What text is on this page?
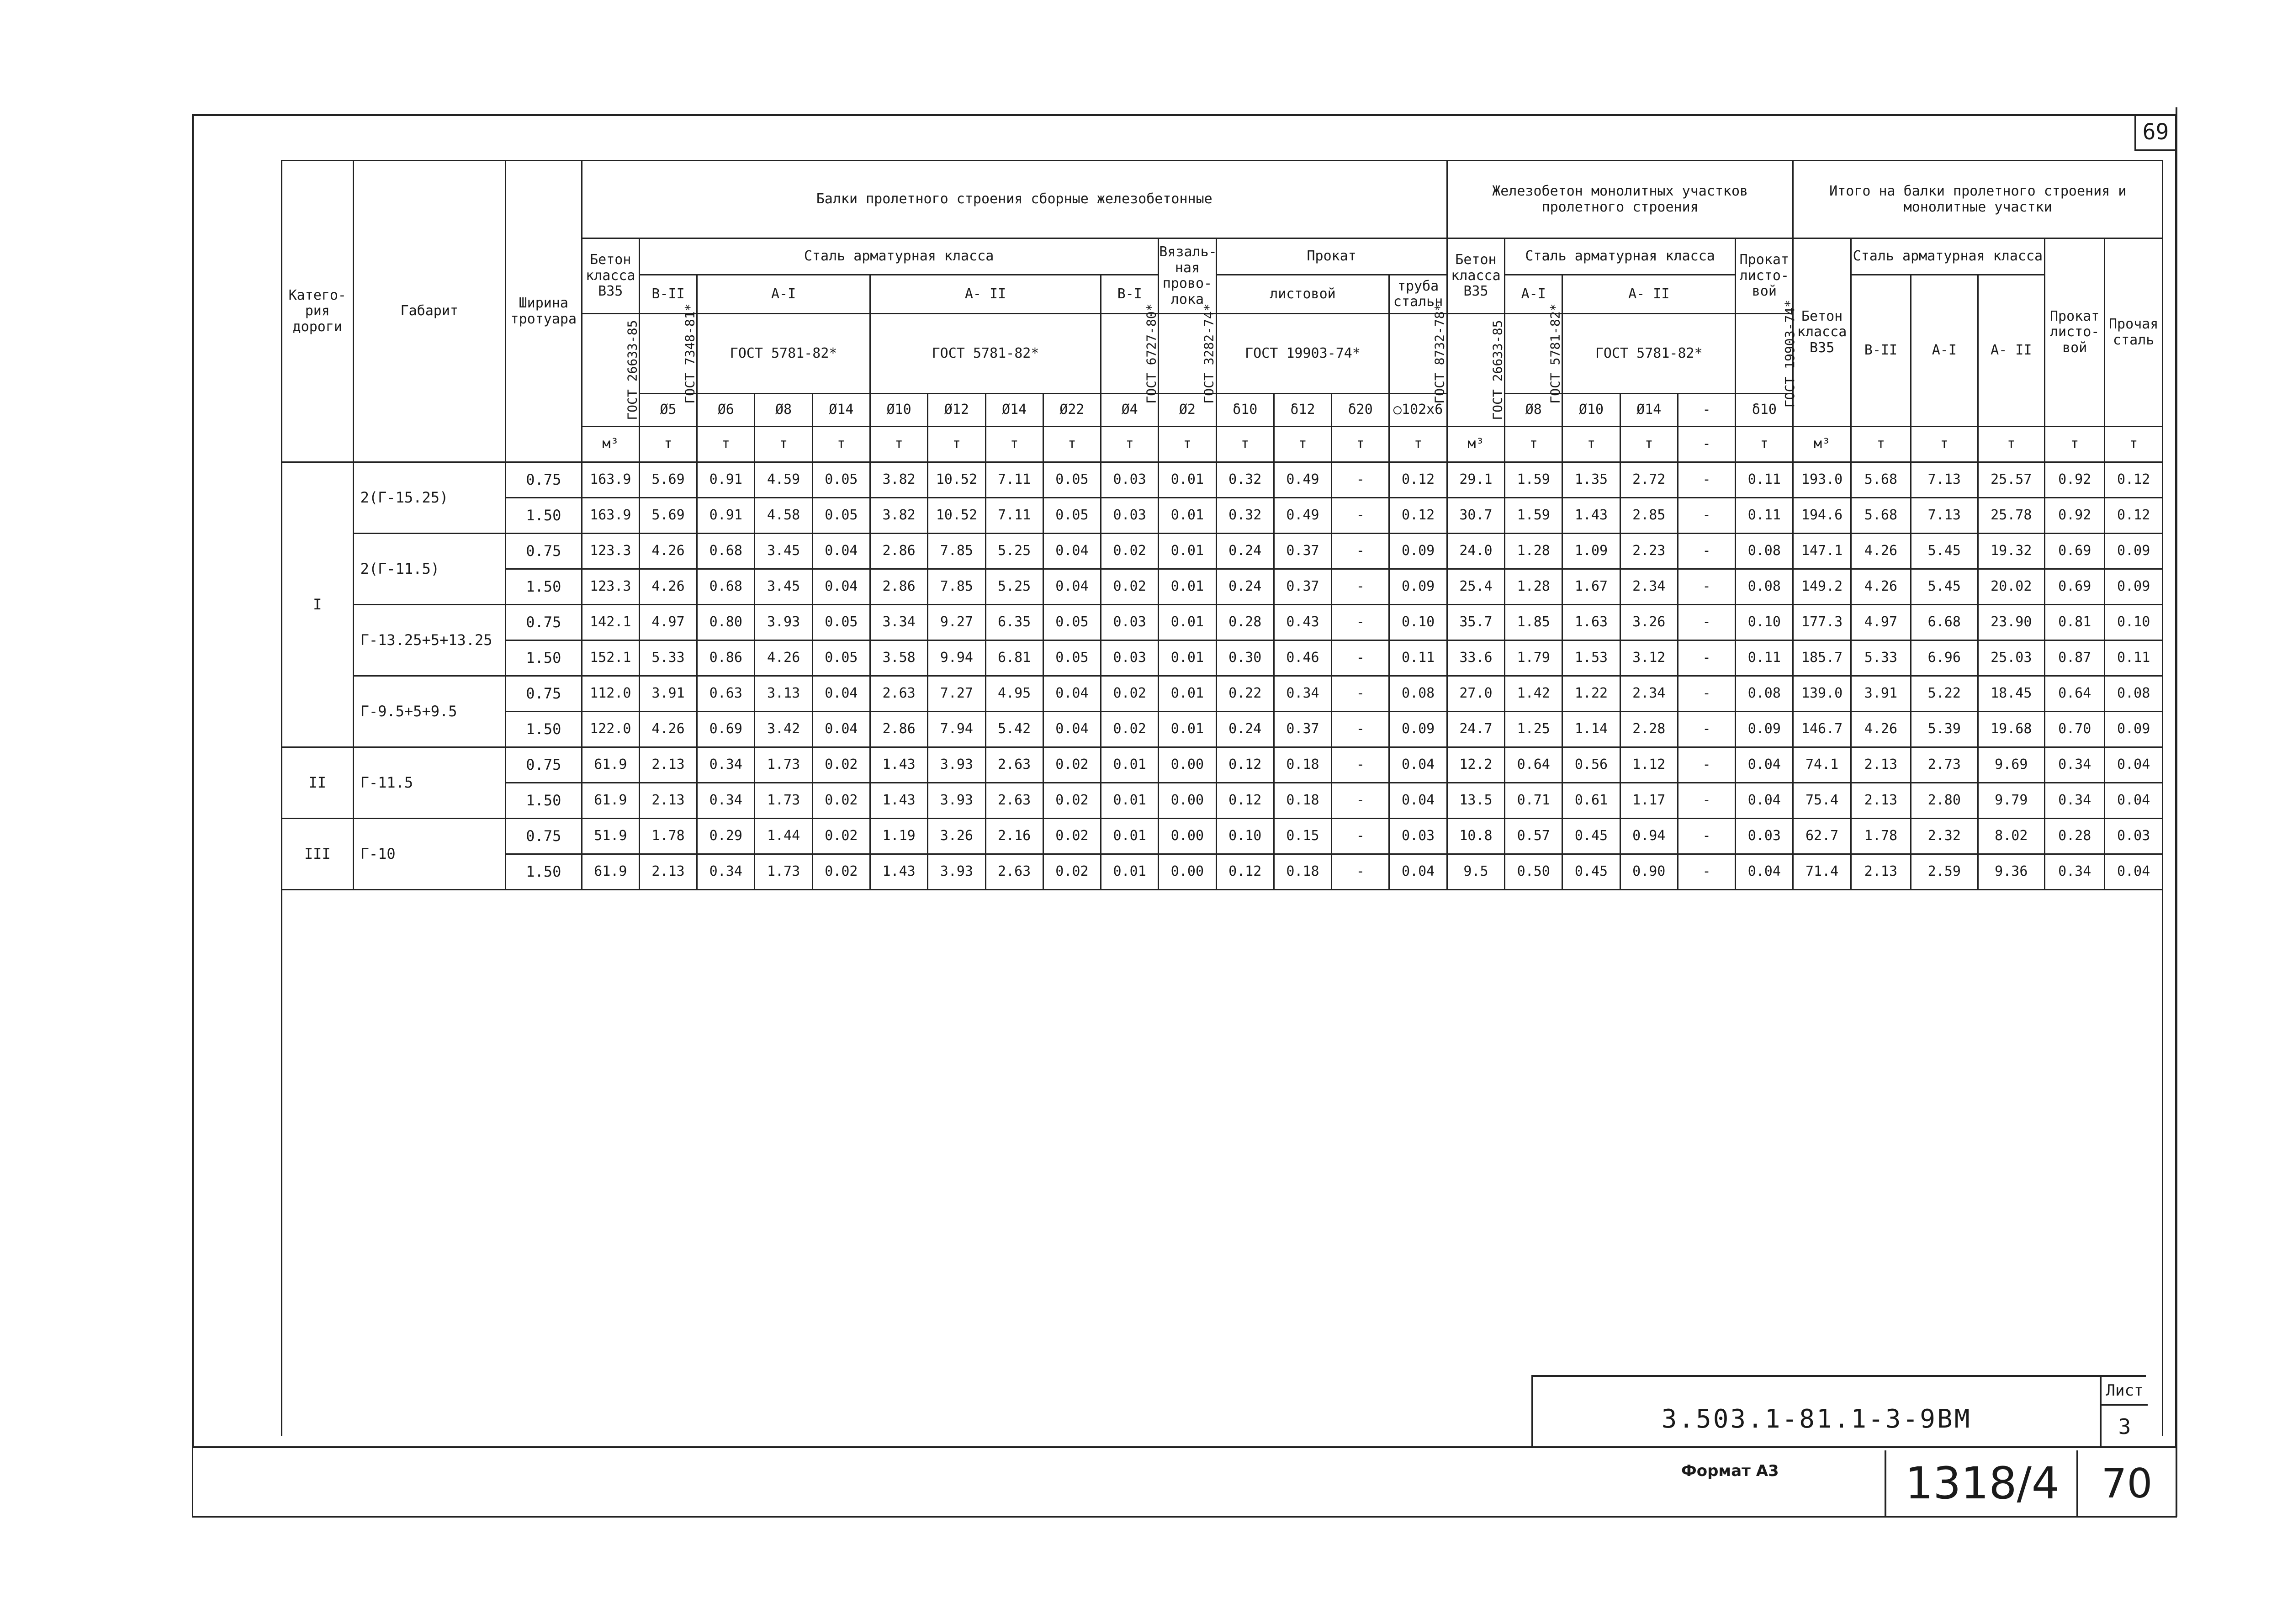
69
Катего-рия дороги	Габарит	Ширина тротуара	Балки пролетного строения сборные железобетонные															Железобетон монолитных участков пролетного строения						Итого на балки пролетного строения и монолитные участки					
			Бетон класса В35	Сталь арматурная класса									Вязаль-ная прово-лока	Прокат				Бетон класса В35	Сталь арматурная класса				Прокат листо-вой	Бетон класса В35	Сталь арматурная класса			Прокат листо-вой	Прочая сталь
				В-II	А-I			А- II				В-I		листовой			труба стальн		А-I	А- II					В-II	А-I	А- II		
			ГОСТ 26633-85	ГОСТ 7348-81*	ГОСТ 5781-82*			ГОСТ 5781-82*				ГОСТ 6727-80*	ГОСТ 3282-74*	ГОСТ 19903-74*			ГОСТ 8732-78*	ГОСТ 26633-85	ГОСТ 5781-82*	ГОСТ 5781-82*			ГОСТ 19903-74*						
				Ø5	Ø6	Ø8	Ø14	Ø10	Ø12	Ø14	Ø22	Ø4	Ø2	δ10	δ12	δ20	○102x6		Ø8	Ø10	Ø14	-	δ10						
			м³	т	т	т	т	т	т	т	т	т	т	т	т	т	т	м³	т	т	т	-	т	м³	т	т	т	т	т
I	2(Г-15.25)	0.75	163.9	5.69	0.91	4.59	0.05	3.82	10.52	7.11	0.05	0.03	0.01	0.32	0.49	-	0.12	29.1	1.59	1.35	2.72	-	0.11	193.0	5.68	7.13	25.57	0.92	0.12
		1.50	163.9	5.69	0.91	4.58	0.05	3.82	10.52	7.11	0.05	0.03	0.01	0.32	0.49	-	0.12	30.7	1.59	1.43	2.85	-	0.11	194.6	5.68	7.13	25.78	0.92	0.12
	2(Г-11.5)	0.75	123.3	4.26	0.68	3.45	0.04	2.86	7.85	5.25	0.04	0.02	0.01	0.24	0.37	-	0.09	24.0	1.28	1.09	2.23	-	0.08	147.1	4.26	5.45	19.32	0.69	0.09
		1.50	123.3	4.26	0.68	3.45	0.04	2.86	7.85	5.25	0.04	0.02	0.01	0.24	0.37	-	0.09	25.4	1.28	1.67	2.34	-	0.08	149.2	4.26	5.45	20.02	0.69	0.09
	Г-13.25+5+13.25	0.75	142.1	4.97	0.80	3.93	0.05	3.34	9.27	6.35	0.05	0.03	0.01	0.28	0.43	-	0.10	35.7	1.85	1.63	3.26	-	0.10	177.3	4.97	6.68	23.90	0.81	0.10
		1.50	152.1	5.33	0.86	4.26	0.05	3.58	9.94	6.81	0.05	0.03	0.01	0.30	0.46	-	0.11	33.6	1.79	1.53	3.12	-	0.11	185.7	5.33	6.96	25.03	0.87	0.11
	Г-9.5+5+9.5	0.75	112.0	3.91	0.63	3.13	0.04	2.63	7.27	4.95	0.04	0.02	0.01	0.22	0.34	-	0.08	27.0	1.42	1.22	2.34	-	0.08	139.0	3.91	5.22	18.45	0.64	0.08
		1.50	122.0	4.26	0.69	3.42	0.04	2.86	7.94	5.42	0.04	0.02	0.01	0.24	0.37	-	0.09	24.7	1.25	1.14	2.28	-	0.09	146.7	4.26	5.39	19.68	0.70	0.09
II	Г-11.5	0.75	61.9	2.13	0.34	1.73	0.02	1.43	3.93	2.63	0.02	0.01	0.00	0.12	0.18	-	0.04	12.2	0.64	0.56	1.12	-	0.04	74.1	2.13	2.73	9.69	0.34	0.04
		1.50	61.9	2.13	0.34	1.73	0.02	1.43	3.93	2.63	0.02	0.01	0.00	0.12	0.18	-	0.04	13.5	0.71	0.61	1.17	-	0.04	75.4	2.13	2.80	9.79	0.34	0.04
III	Г-10	0.75	51.9	1.78	0.29	1.44	0.02	1.19	3.26	2.16	0.02	0.01	0.00	0.10	0.15	-	0.03	10.8	0.57	0.45	0.94	-	0.03	62.7	1.78	2.32	8.02	0.28	0.03
		1.50	61.9	2.13	0.34	1.73	0.02	1.43	3.93	2.63	0.02	0.01	0.00	0.12	0.18	-	0.04	9.5	0.50	0.45	0.90	-	0.04	71.4	2.13	2.59	9.36	0.34	0.04

3.503.1-81.1-3-9ВМ
Лист
3
Формат А3	1318/4	70
